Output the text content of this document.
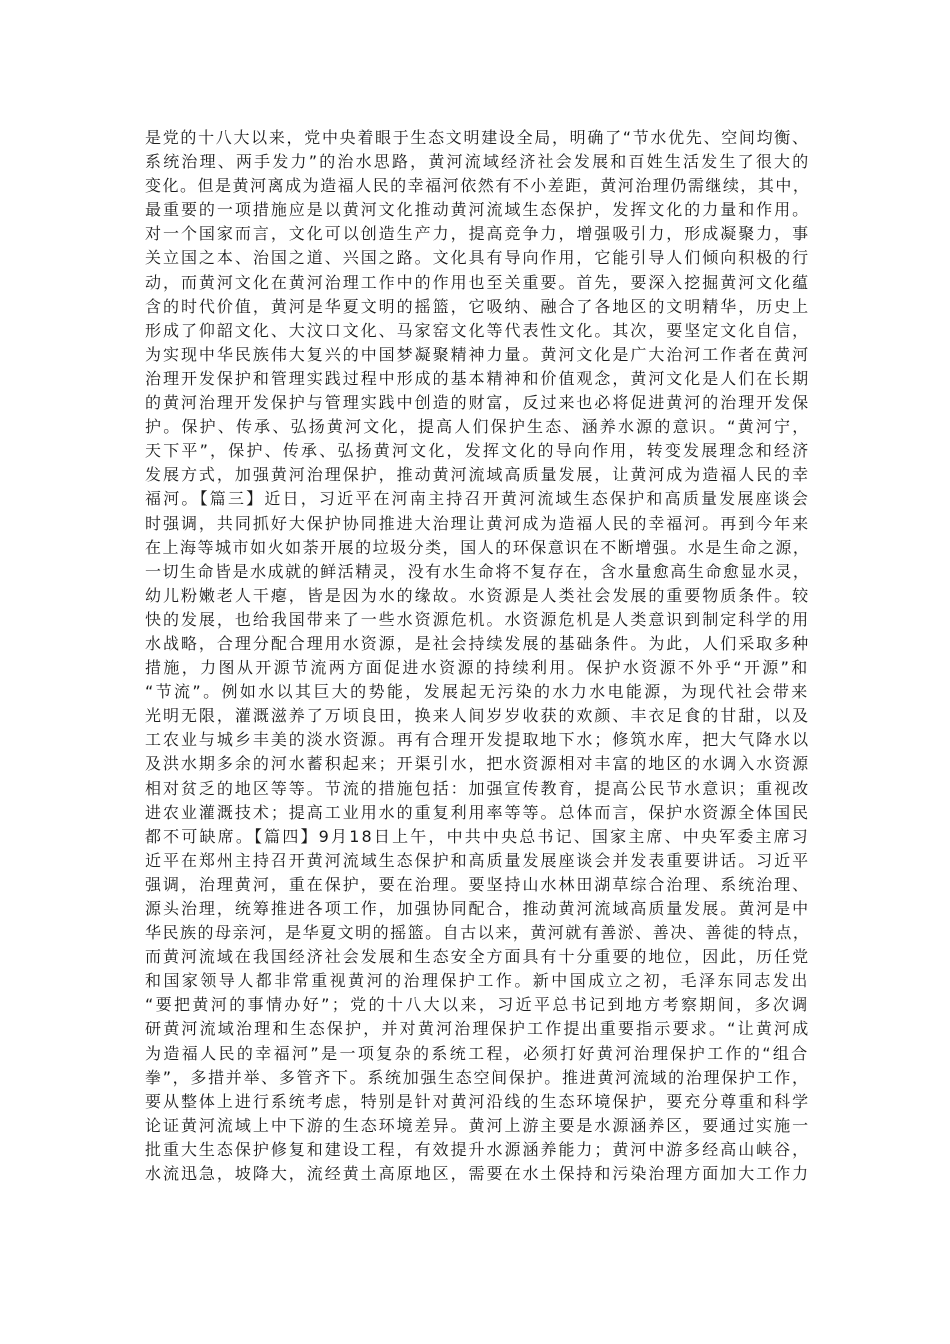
是党的十八大以来，党中央着眼于生态文明建设全局，明确了“节水优先、空间均衡、
系统治理、两手发力”的治水思路，黄河流域经济社会发展和百姓生活发生了很大的
变化。但是黄河离成为造福人民的幸福河依然有不小差距，黄河治理仍需继续，其中，
最重要的一项措施应是以黄河文化推动黄河流域生态保护，发挥文化的力量和作用。
对一个国家而言，文化可以创造生产力，提高竞争力，增强吸引力，形成凝聚力，事
关立国之本、治国之道、兴国之路。文化具有导向作用，它能引导人们倾向积极的行
动，而黄河文化在黄河治理工作中的作用也至关重要。首先，要深入挖掘黄河文化蕴
含的时代价值，黄河是华夏文明的摇篮，它吸纳、融合了各地区的文明精华，历史上
形成了仰韶文化、大汶口文化、马家窑文化等代表性文化。其次，要坚定文化自信，
为实现中华民族伟大复兴的中国梦凝聚精神力量。黄河文化是广大治河工作者在黄河
治理开发保护和管理实践过程中形成的基本精神和价值观念，黄河文化是人们在长期
的黄河治理开发保护与管理实践中创造的财富，反过来也必将促进黄河的治理开发保
护。保护、传承、弘扬黄河文化，提高人们保护生态、涵养水源的意识。“黄河宁，
天下平”，保护、传承、弘扬黄河文化，发挥文化的导向作用，转变发展理念和经济
发展方式，加强黄河治理保护，推动黄河流域高质量发展，让黄河成为造福人民的幸
福河。【篇三】近日，习近平在河南主持召开黄河流域生态保护和高质量发展座谈会
时强调，共同抓好大保护协同推进大治理让黄河成为造福人民的幸福河。再到今年来
在上海等城市如火如荼开展的垃圾分类，国人的环保意识在不断增强。水是生命之源，
一切生命皆是水成就的鲜活精灵，没有水生命将不复存在，含水量愈高生命愈显水灵，
幼儿粉嫩老人干瘪，皆是因为水的缘故。水资源是人类社会发展的重要物质条件。较
快的发展，也给我国带来了一些水资源危机。水资源危机是人类意识到制定科学的用
水战略，合理分配合理用水资源，是社会持续发展的基础条件。为此，人们采取多种
措施，力图从开源节流两方面促进水资源的持续利用。保护水资源不外乎“开源”和
“节流”。例如水以其巨大的势能，发展起无污染的水力水电能源，为现代社会带来
光明无限，灌溉滋养了万顷良田，换来人间岁岁收获的欢颜、丰衣足食的甘甜，以及
工农业与城乡丰美的淡水资源。再有合理开发提取地下水；修筑水库，把大气降水以
及洪水期多余的河水蓄积起来；开渠引水，把水资源相对丰富的地区的水调入水资源
相对贫乏的地区等等。节流的措施包括：加强宣传教育，提高公民节水意识；重视改
进农业灌溉技术；提高工业用水的重复利用率等等。总体而言，保护水资源全体国民
都不可缺席。【篇四】9月18日上午，中共中央总书记、国家主席、中央军委主席习
近平在郑州主持召开黄河流域生态保护和高质量发展座谈会并发表重要讲话。习近平
强调，治理黄河，重在保护，要在治理。要坚持山水林田湖草综合治理、系统治理、
源头治理，统筹推进各项工作，加强协同配合，推动黄河流域高质量发展。黄河是中
华民族的母亲河，是华夏文明的摇篮。自古以来，黄河就有善淤、善决、善徙的特点，
而黄河流域在我国经济社会发展和生态安全方面具有十分重要的地位，因此，历任党
和国家领导人都非常重视黄河的治理保护工作。新中国成立之初，毛泽东同志发出
“要把黄河的事情办好”；党的十八大以来，习近平总书记到地方考察期间，多次调
研黄河流域治理和生态保护，并对黄河治理保护工作提出重要指示要求。“让黄河成
为造福人民的幸福河”是一项复杂的系统工程，必须打好黄河治理保护工作的“组合
拳”，多措并举、多管齐下。系统加强生态空间保护。推进黄河流域的治理保护工作，
要从整体上进行系统考虑，特别是针对黄河沿线的生态环境保护，要充分尊重和科学
论证黄河流域上中下游的生态环境差异。黄河上游主要是水源涵养区，要通过实施一
批重大生态保护修复和建设工程，有效提升水源涵养能力；黄河中游多经高山峡谷，
水流迅急，坡降大，流经黄土高原地区，需要在水土保持和污染治理方面加大工作力
